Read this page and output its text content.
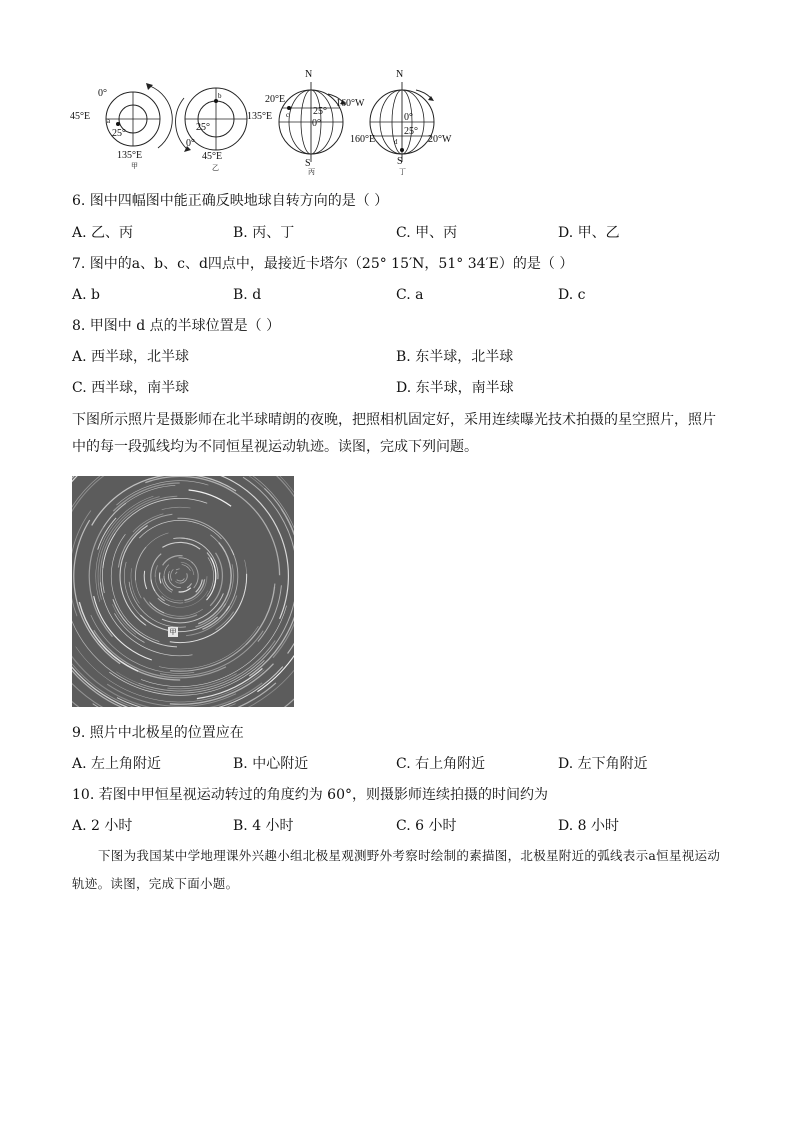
0°
45°E a
25°
135°E
甲
b
25°
135°E
0°
45°E
乙
N
20°E	160°W
c 25°
0°
S
丙
N
0°
25°
160°E	20°W
d
S
丁
6. 图中四幅图中能正确反映地球自转方向的是（ ）
A. 乙、丙	B. 丙、丁	C. 甲、丙	D. 甲、乙
7. 图中的a、b、c、d四点中，最接近卡塔尔（25° 15′N，51° 34′E）的是（ ）
A. b	B. d	C. a	D. c
8. 甲图中 d 点的半球位置是（ ）
A. 西半球，北半球	B. 东半球，北半球
C. 西半球，南半球	D. 东半球，南半球
下图所示照片是摄影师在北半球晴朗的夜晚，把照相机固定好，采用连续曝光技术拍摄的星空照片，照片中的每一段弧线均为不同恒星视运动轨迹。读图，完成下列问题。
甲
9. 照片中北极星的位置应在
A. 左上角附近	B. 中心附近	C. 右上角附近	D. 左下角附近
10. 若图中甲恒星视运动转过的角度约为 60°，则摄影师连续拍摄的时间约为
A. 2 小时	B. 4 小时	C. 6 小时	D. 8 小时
下图为我国某中学地理课外兴趣小组北极星观测野外考察时绘制的素描图，北极星附近的弧线表示a恒星视运动轨迹。读图，完成下面小题。
